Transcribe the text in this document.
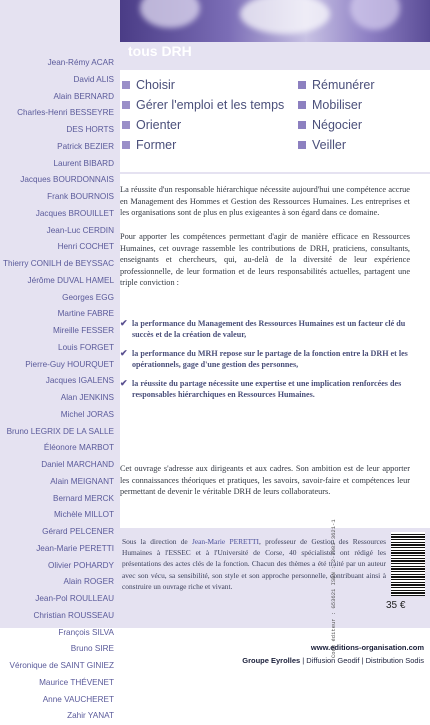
tous DRH
Jean-Rémy ACAR
David ALIS
Alain BERNARD
Charles-Henri BESSEYRE
DES HORTS
Patrick BEZIER
Laurent BIBARD
Jacques BOURDONNAIS
Frank BOURNOIS
Jacques BROUILLET
Jean-Luc CERDIN
Henri COCHET
Thierry CONILH de BEYSSAC
Jérôme DUVAL HAMEL
Georges EGG
Martine FABRE
Mireille FESSER
Louis FORGET
Pierre-Guy HOURQUET
Jacques IGALENS
Alan JENKINS
Michel JORAS
Bruno LEGRIX DE LA SALLE
Éléonore MARBOT
Daniel MARCHAND
Alain MEIGNANT
Bernard MERCK
Michèle MILLOT
Gérard PELCENER
Jean-Marie PERETTI
Olivier POHARDY
Alain ROGER
Jean-Pol ROULLEAU
Christian ROUSSEAU
François SILVA
Bruno SIRE
Véronique de SAINT GINIEZ
Maurice THÉVENET
Anne VAUCHERET
Zahir YANAT
Choisir
Gérer l'emploi et les temps
Orienter
Former
Rémunérer
Mobiliser
Négocier
Veiller

La réussite d'un responsable hiérarchique nécessite aujourd'hui une compétence accrue en Management des Hommes et Gestion des Ressources Humaines. Les entreprises et les organisations sont de plus en plus exigeantes à son égard dans ce domaine.

Pour apporter les compétences permettant d'agir de manière efficace en Ressources Humaines, cet ouvrage rassemble les contributions de DRH, praticiens, consultants, enseignants et chercheurs, qui, au-delà de la diversité de leur expérience professionnelle, de leur formation et de leurs responsabilités actuelles, partagent une triple conviction :

✔ la performance du Management des Ressources Humaines est un facteur clé du succès et de la création de valeur,
✔ la performance du MRH repose sur le partage de la fonction entre la DRH et les opérationnels, gage d'une gestion des personnes,
✔ la réussite du partage nécessite une expertise et une implication renforcées des responsables hiérarchiques en Ressources Humaines.

Cet ouvrage s'adresse aux dirigeants et aux cadres. Son ambition est de leur apporter les connaissances théoriques et pratiques, les savoirs, savoir-faire et compétences leur permettant de devenir le véritable DRH de leurs collaborateurs.

Sous la direction de Jean-Marie PERETTI, professeur de Gestion des Ressources Humaines à l'ESSEC et à l'Université de Corse, 40 spécialistes ont rédigé les présentations des actes clés de la fonction. Chacun des thèmes a été traité par un auteur avec son vécu, sa sensibilité, son style et son approche personnelle, contribuant ainsi à construire un ouvrage riche et vivant.

35 €
www.editions-organisation.com
Groupe Eyrolles | Diffusion Geodif | Distribution Sodis
